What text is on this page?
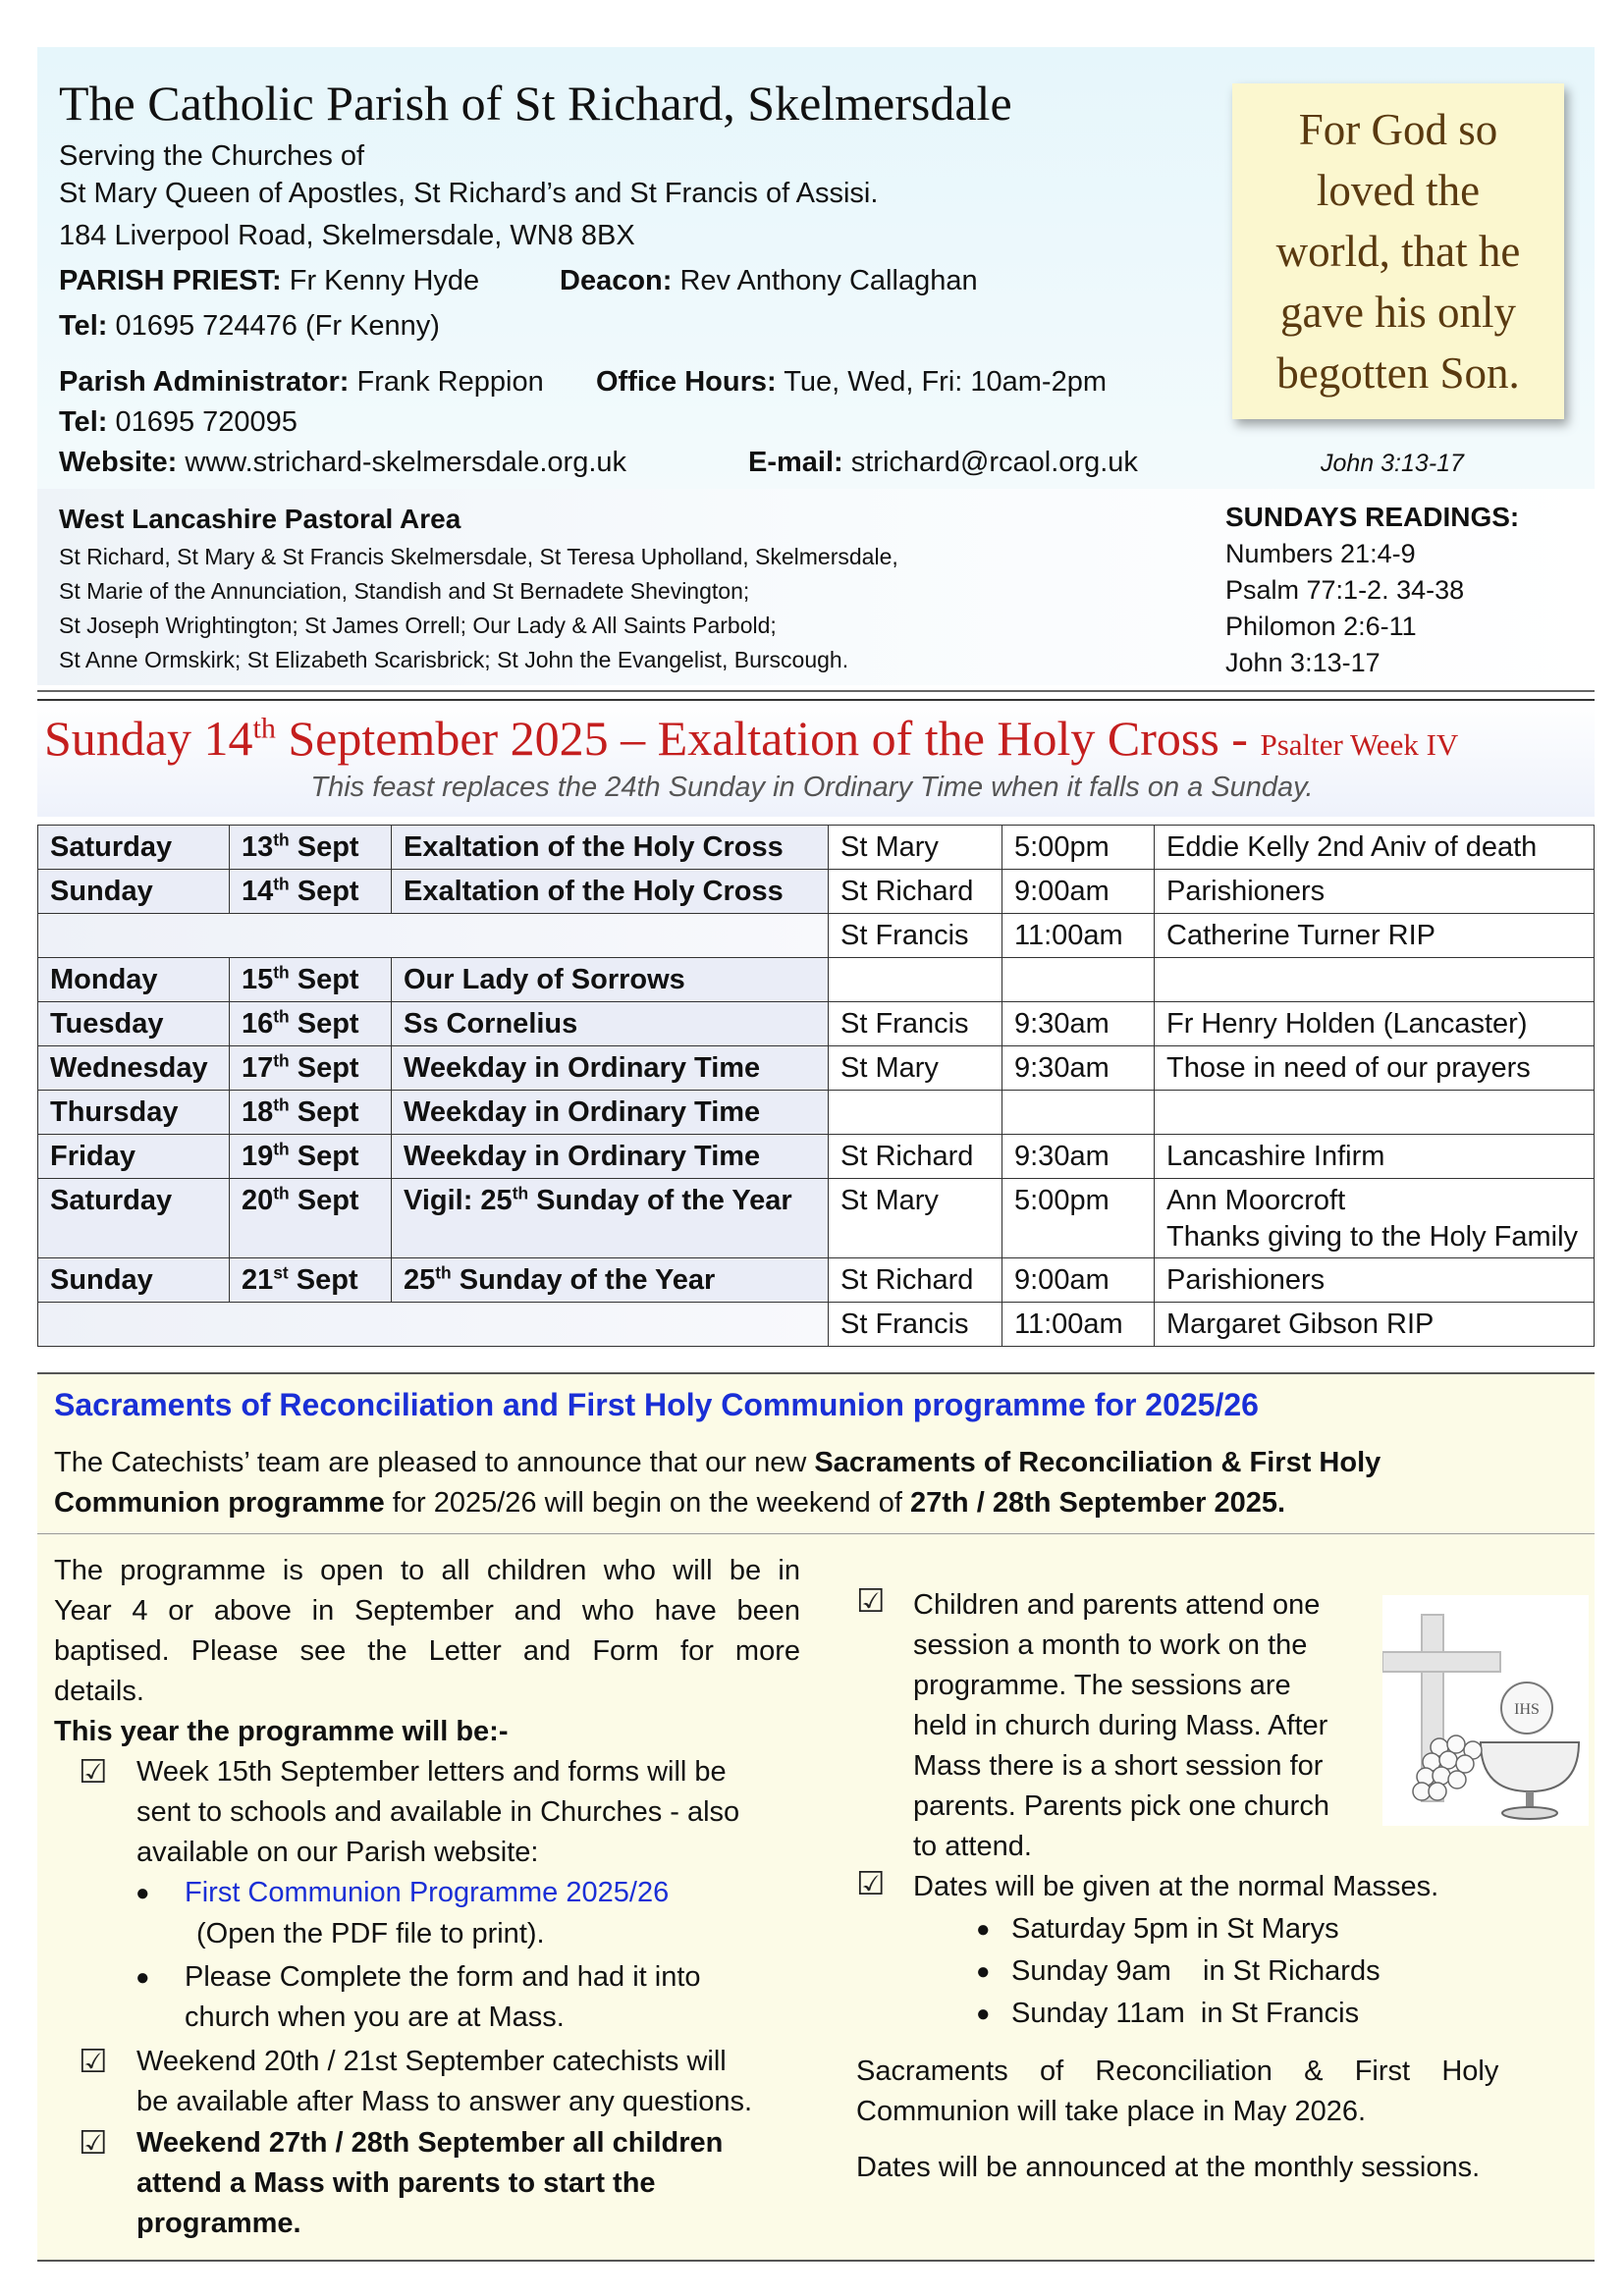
The Catholic Parish of St Richard, Skelmersdale
Serving the Churches of
St Mary Queen of Apostles, St Richard’s and St Francis of Assisi.
184 Liverpool Road, Skelmersdale, WN8 8BX
PARISH PRIEST: Fr Kenny Hyde	Deacon: Rev Anthony Callaghan
Tel: 01695 724476 (Fr Kenny)
Parish Administrator: Frank Reppion Office Hours: Tue, Wed, Fri: 10am-2pm
Tel: 01695 720095
Website: www.strichard-skelmersdale.org.uk	E-mail: strichard@rcaol.org.uk
For God so
loved the
world, that he
gave his only
begotten Son.
John 3:13-17
West Lancashire Pastoral Area
St Richard, St Mary & St Francis Skelmersdale, St Teresa Upholland, Skelmersdale,
St Marie of the Annunciation, Standish and St Bernadete Shevington;
St Joseph Wrightington; St James Orrell; Our Lady & All Saints Parbold;
St Anne Ormskirk; St Elizabeth Scarisbrick; St John the Evangelist, Burscough.
SUNDAYS READINGS:
Numbers 21:4-9
Psalm 77:1-2. 34-38
Philomon 2:6-11
John 3:13-17
Sunday 14th September 2025 – Exaltation of the Holy Cross - Psalter Week IV
This feast replaces the 24th Sunday in Ordinary Time when it falls on a Sunday.
Saturday	13th Sept	Exaltation of the Holy Cross	St Mary	5:00pm	Eddie Kelly 2nd Aniv of death
Sunday	14th Sept	Exaltation of the Holy Cross	St Richard	9:00am	Parishioners
			St Francis	11:00am	Catherine Turner RIP
Monday	15th Sept	Our Lady of Sorrows			
Tuesday	16th Sept	Ss Cornelius	St Francis	9:30am	Fr Henry Holden (Lancaster)
Wednesday	17th Sept	Weekday in Ordinary Time	St Mary	9:30am	Those in need of our prayers
Thursday	18th Sept	Weekday in Ordinary Time			
Friday	19th Sept	Weekday in Ordinary Time	St Richard	9:30am	Lancashire Infirm
Saturday	20th Sept	Vigil: 25th Sunday of the Year	St Mary	5:00pm	Ann Moorcroft
Thanks giving to the Holy Family

Sunday	21st Sept	25th Sunday of the Year	St Richard	9:00am	Parishioners
			St Francis	11:00am	Margaret Gibson RIP
Sacraments of Reconciliation and First Holy Communion programme for 2025/26
The Catechists’ team are pleased to announce that our new Sacraments of Reconciliation & First Holy
Communion programme for 2025/26 will begin on the weekend of 27th / 28th September 2025.
The programme is open to all children who will be in
Year 4 or above in September and who have been
baptised. Please see the Letter and Form for more
details.
This year the programme will be:-
☑ Week 15th September letters and forms will be
sent to schools and available in Churches - also
available on our Parish website:
● First Communion Programme 2025/26
(Open the PDF file to print).
● Please Complete the form and had it into
church when you are at Mass.
☑ Weekend 20th / 21st September catechists will
be available after Mass to answer any questions.
☑ Weekend 27th / 28th September all children
attend a Mass with parents to start the
programme.
☑ Children and parents attend one
session a month to work on the
programme. The sessions are
held in church during Mass. After
Mass there is a short session for
parents. Parents pick one church
to attend.
IHS
☑ Dates will be given at the normal Masses.
● Saturday 5pm in St Marys
● Sunday 9am    in St Richards
● Sunday 11am  in St Francis
Sacraments    of    Reconciliation    &    First    Holy
Communion will take place in May 2026.
Dates will be announced at the monthly sessions.
